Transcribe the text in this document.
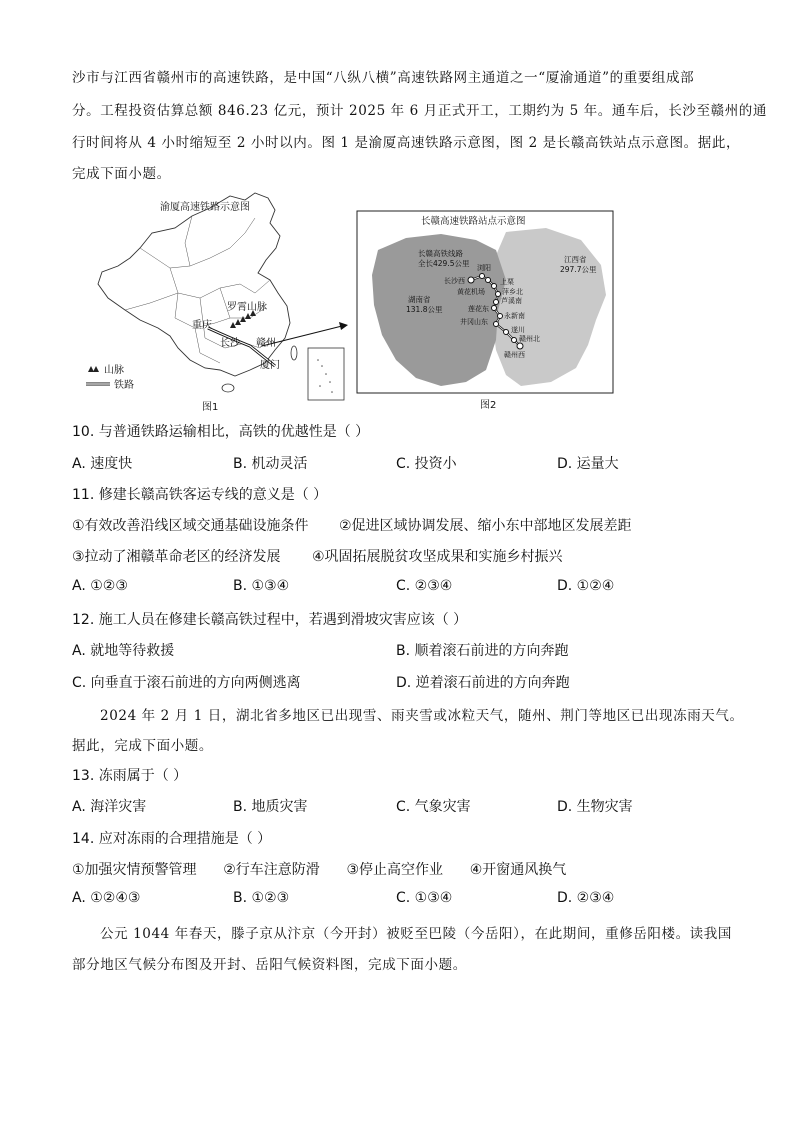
沙市与江西省赣州市的高速铁路，是中国“八纵八横”高速铁路网主通道之一“厦渝通道”的重要组成部
分。工程投资估算总额 846.23 亿元，预计 2025 年 6 月正式开工，工期约为 5 年。通车后，长沙至赣州的通
行时间将从 4 小时缩短至 2 小时以内。图 1 是渝厦高速铁路示意图，图 2 是长赣高铁站点示意图。据此，
完成下面小题。
渝厦高速铁路示意图
重庆
罗霄山脉
长沙 赣州
厦门
山脉
铁路
图1
长赣高速铁路站点示意图
长赣高铁线路
全长429.5公里	江西省
297.7公里
湖南省
131.8公里
浏阳
上栗
长沙西
黄花机场 萍乡北
芦溪南
莲花东
永新南
井冈山东
遂川
赣州北
赣州西
图2
10. 与普通铁路运输相比，高铁的优越性是（ ）
A. 速度快	B. 机动灵活	C. 投资小	D. 运量大
11. 修建长赣高铁客运专线的意义是（ ）
①有效改善沿线区域交通基础设施条件 ②促进区域协调发展、缩小东中部地区发展差距
③拉动了湘赣革命老区的经济发展 ④巩固拓展脱贫攻坚成果和实施乡村振兴
A. ①②③	B. ①③④	C. ②③④	D. ①②④
12. 施工人员在修建长赣高铁过程中，若遇到滑坡灾害应该（ ）
A. 就地等待救援	B. 顺着滚石前进的方向奔跑
C. 向垂直于滚石前进的方向两侧逃离	D. 逆着滚石前进的方向奔跑
2024 年 2 月 1 日，湖北省多地区已出现雪、雨夹雪或冰粒天气，随州、荆门等地区已出现冻雨天气。
据此，完成下面小题。
13. 冻雨属于（ ）
A. 海洋灾害	B. 地质灾害	C. 气象灾害	D. 生物灾害
14. 应对冻雨的合理措施是（ ）
①加强灾情预警管理      ②行车注意防滑      ③停止高空作业      ④开窗通风换气
A. ①②④③	B. ①②③	C. ①③④	D. ②③④
公元 1044 年春天，滕子京从汴京（今开封）被贬至巴陵（今岳阳），在此期间，重修岳阳楼。读我国
部分地区气候分布图及开封、岳阳气候资料图，完成下面小题。
